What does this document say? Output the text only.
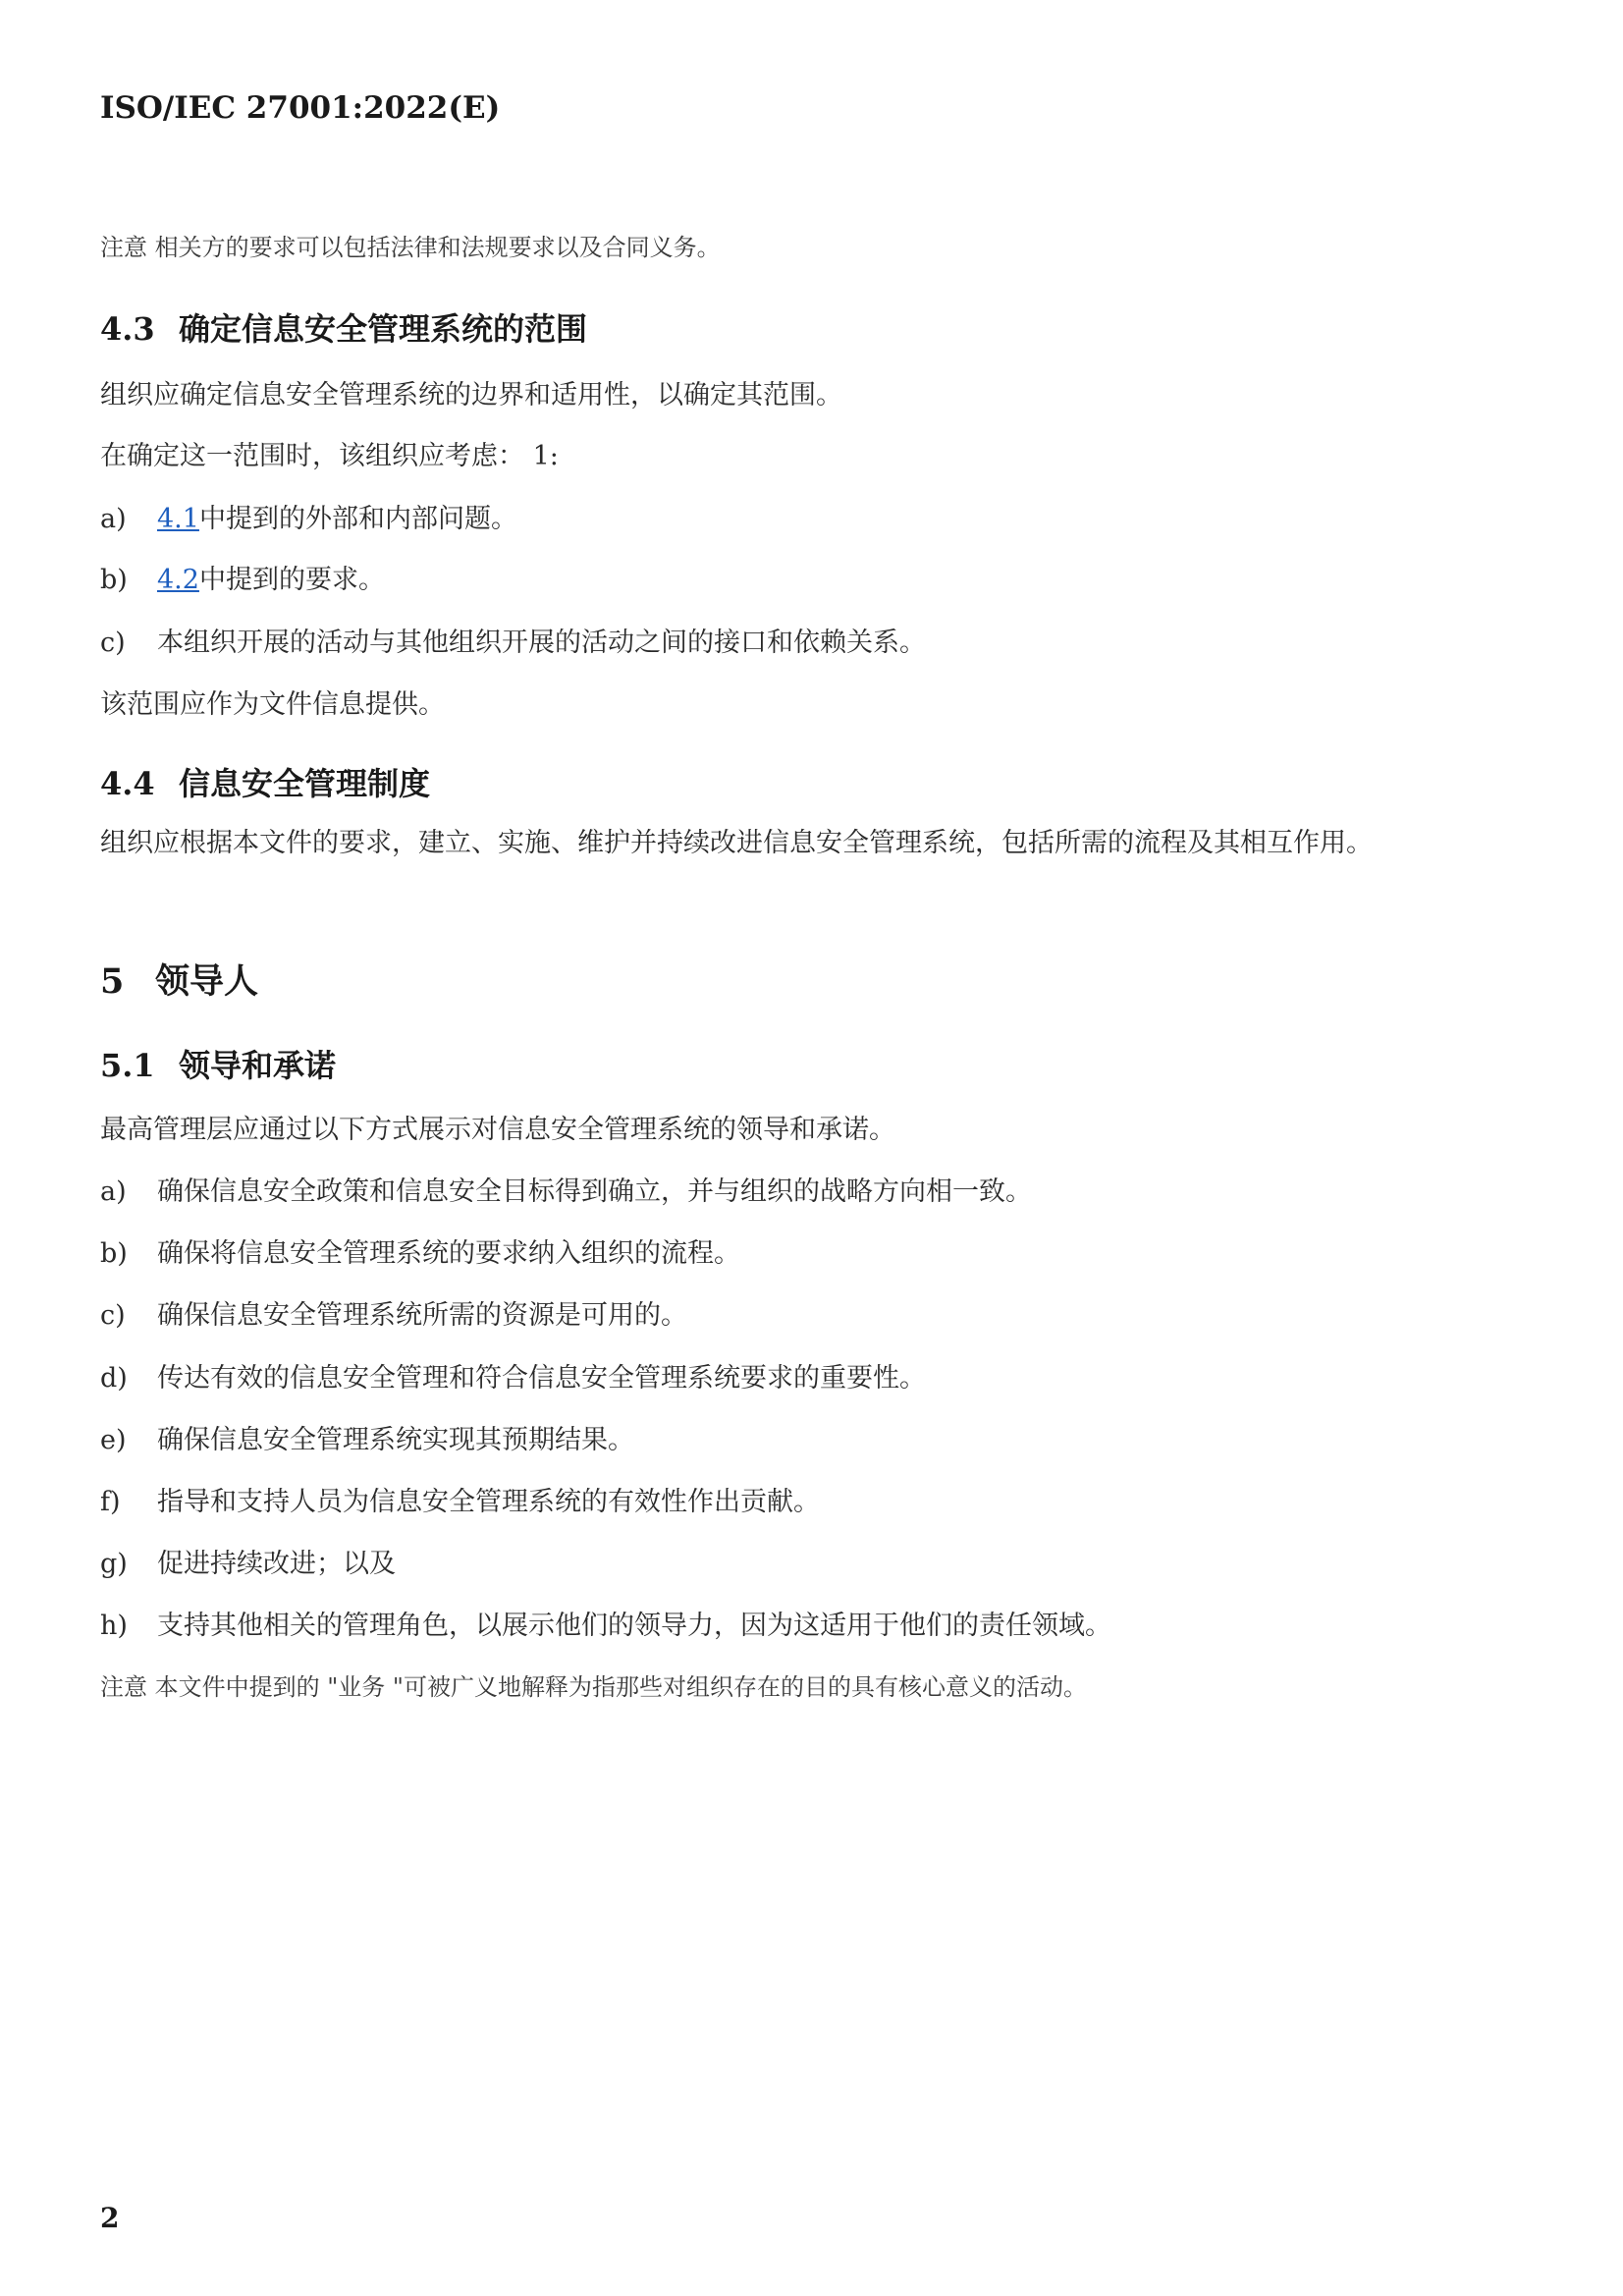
ISO/IEC 27001:2022(E)
注意 相关方的要求可以包括法律和法规要求以及合同义务。
4.3 确定信息安全管理系统的范围
组织应确定信息安全管理系统的边界和适用性，以确定其范围。
在确定这一范围时，该组织应考虑： 1:
a) 4.1中提到的外部和内部问题。
b) 4.2中提到的要求。
c) 本组织开展的活动与其他组织开展的活动之间的接口和依赖关系。
该范围应作为文件信息提供。
4.4 信息安全管理制度
组织应根据本文件的要求，建立、实施、维护并持续改进信息安全管理系统，包括所需的流程及其相互作用。
5 领导人
5.1 领导和承诺
最高管理层应通过以下方式展示对信息安全管理系统的领导和承诺。
a) 确保信息安全政策和信息安全目标得到确立，并与组织的战略方向相一致。
b) 确保将信息安全管理系统的要求纳入组织的流程。
c) 确保信息安全管理系统所需的资源是可用的。
d) 传达有效的信息安全管理和符合信息安全管理系统要求的重要性。
e) 确保信息安全管理系统实现其预期结果。
f) 指导和支持人员为信息安全管理系统的有效性作出贡献。
g) 促进持续改进；以及
h) 支持其他相关的管理角色，以展示他们的领导力，因为这适用于他们的责任领域。
注意 本文件中提到的 "业务 "可被广义地解释为指那些对组织存在的目的具有核心意义的活动。
2
